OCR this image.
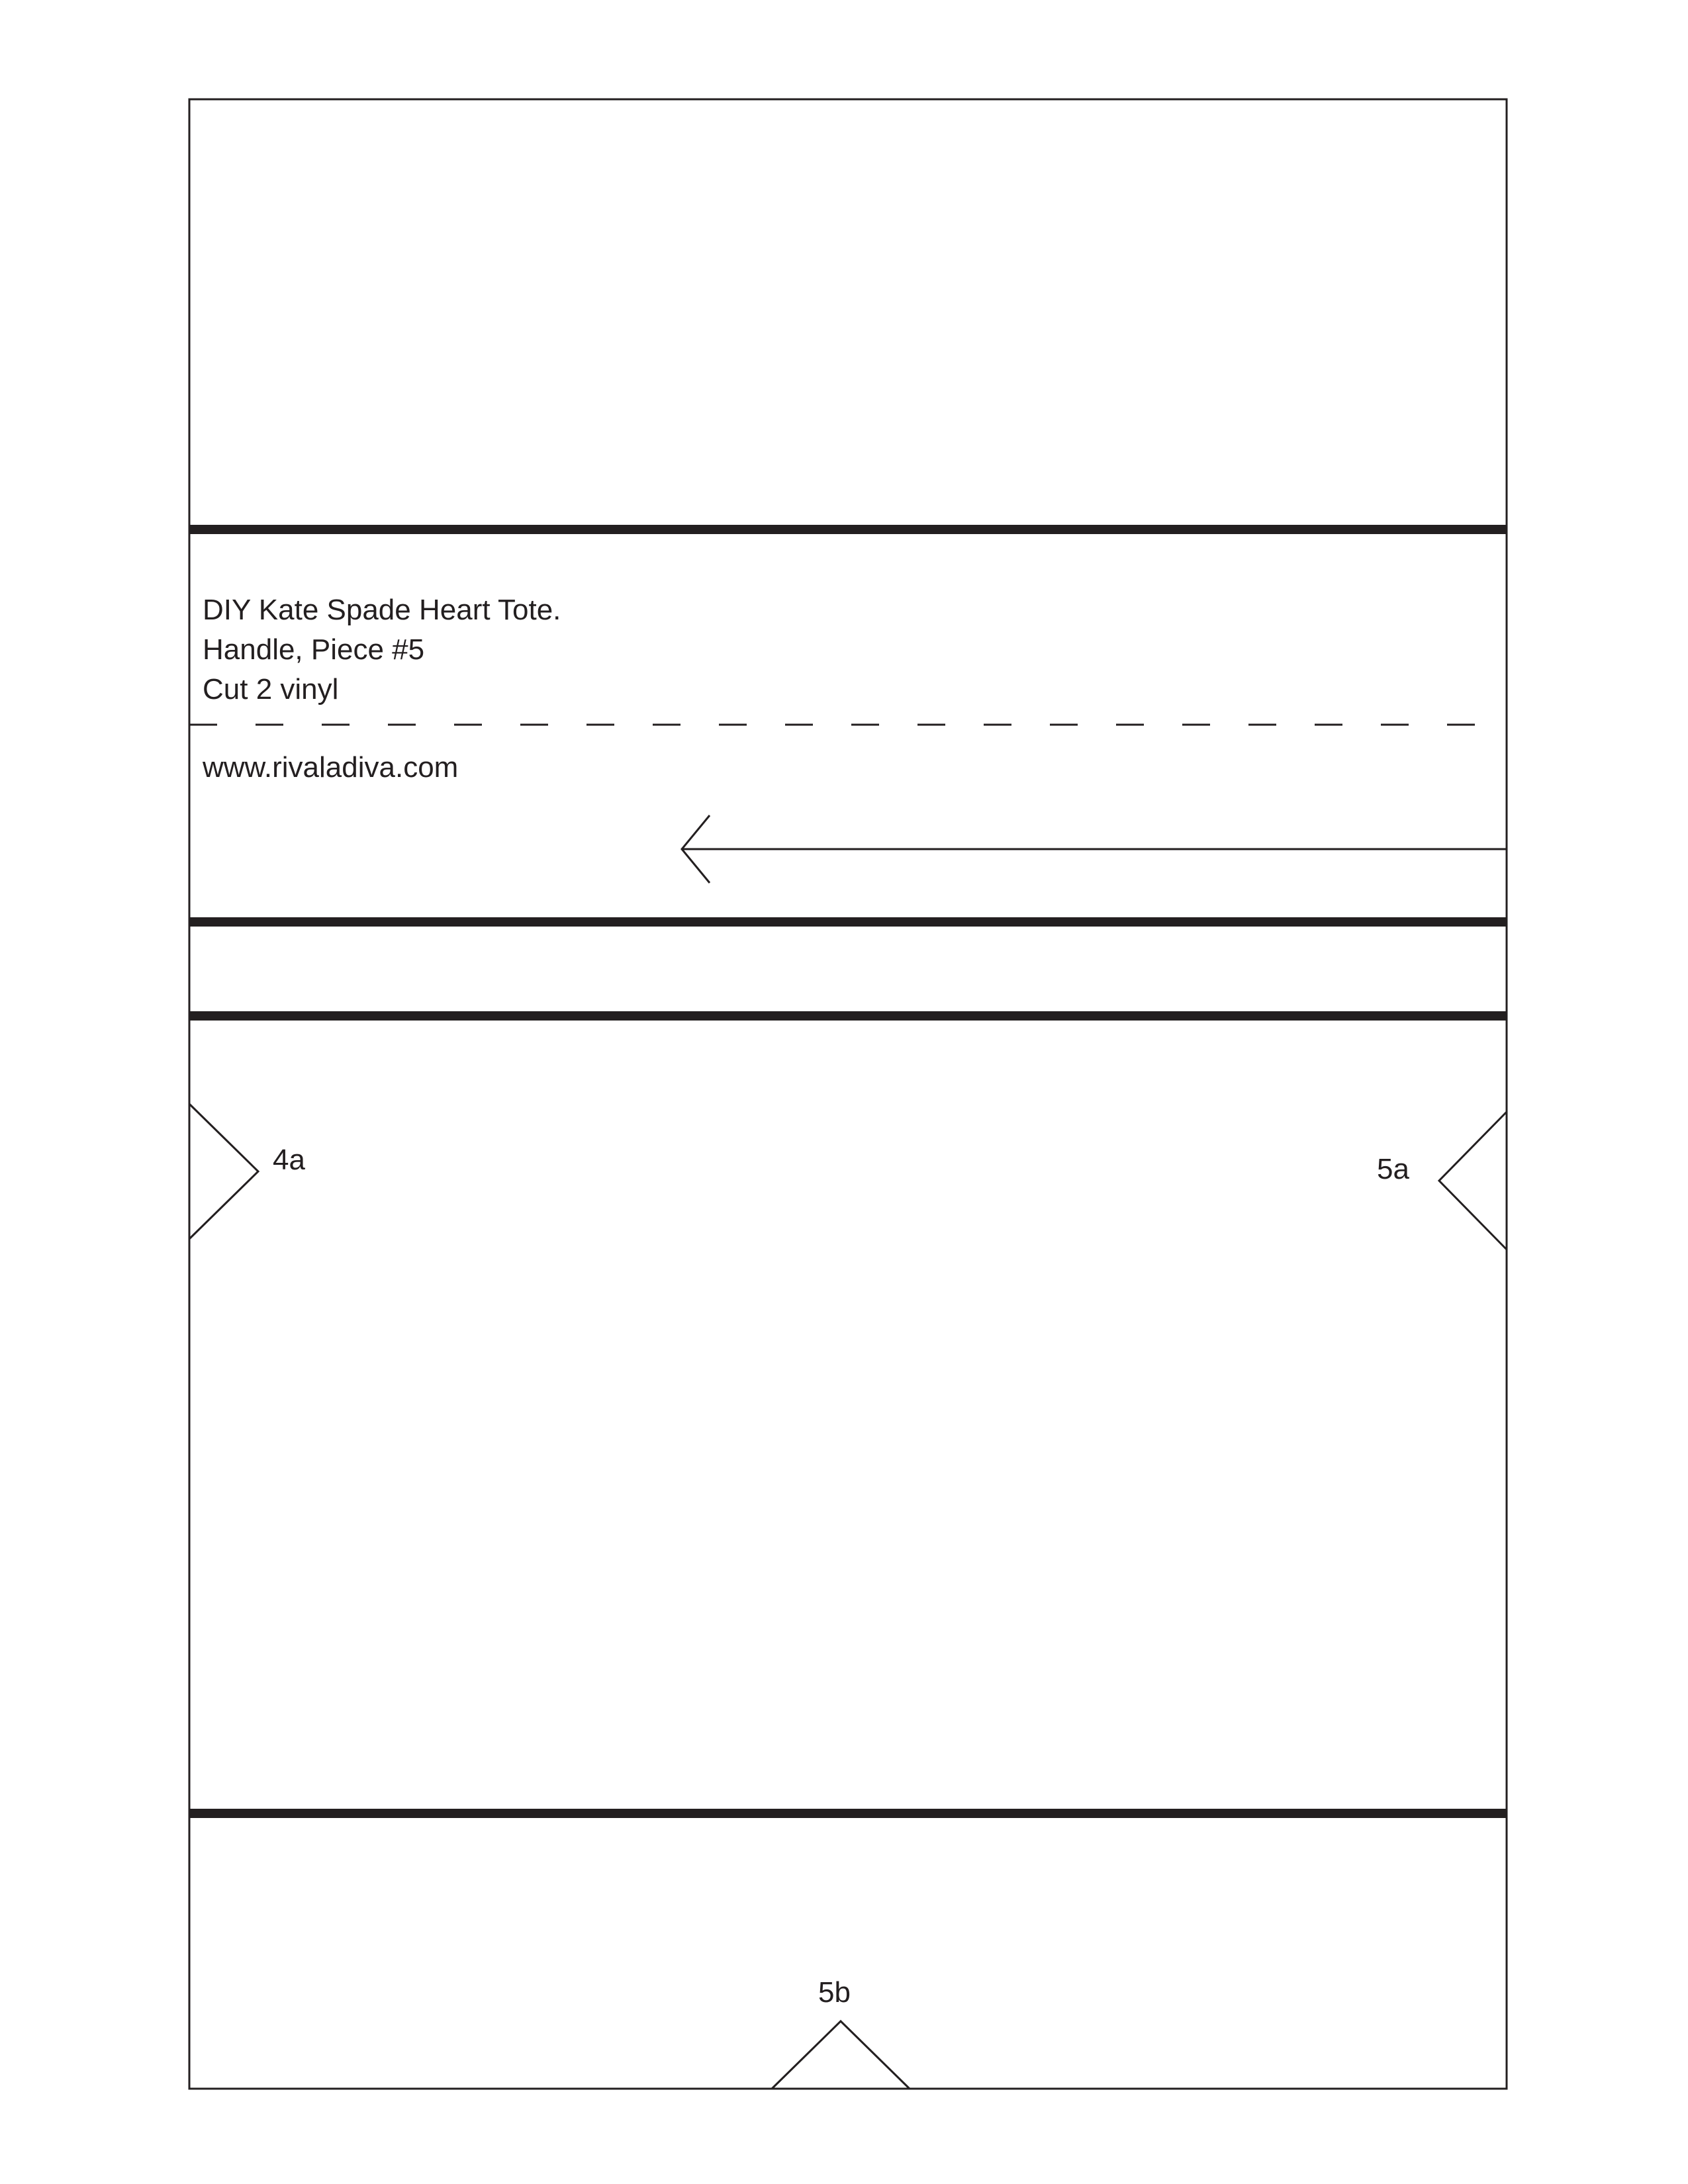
DIY Kate Spade Heart Tote.
Handle, Piece #5
Cut 2 vinyl
www.rivaladiva.com
4a	5a
5b
